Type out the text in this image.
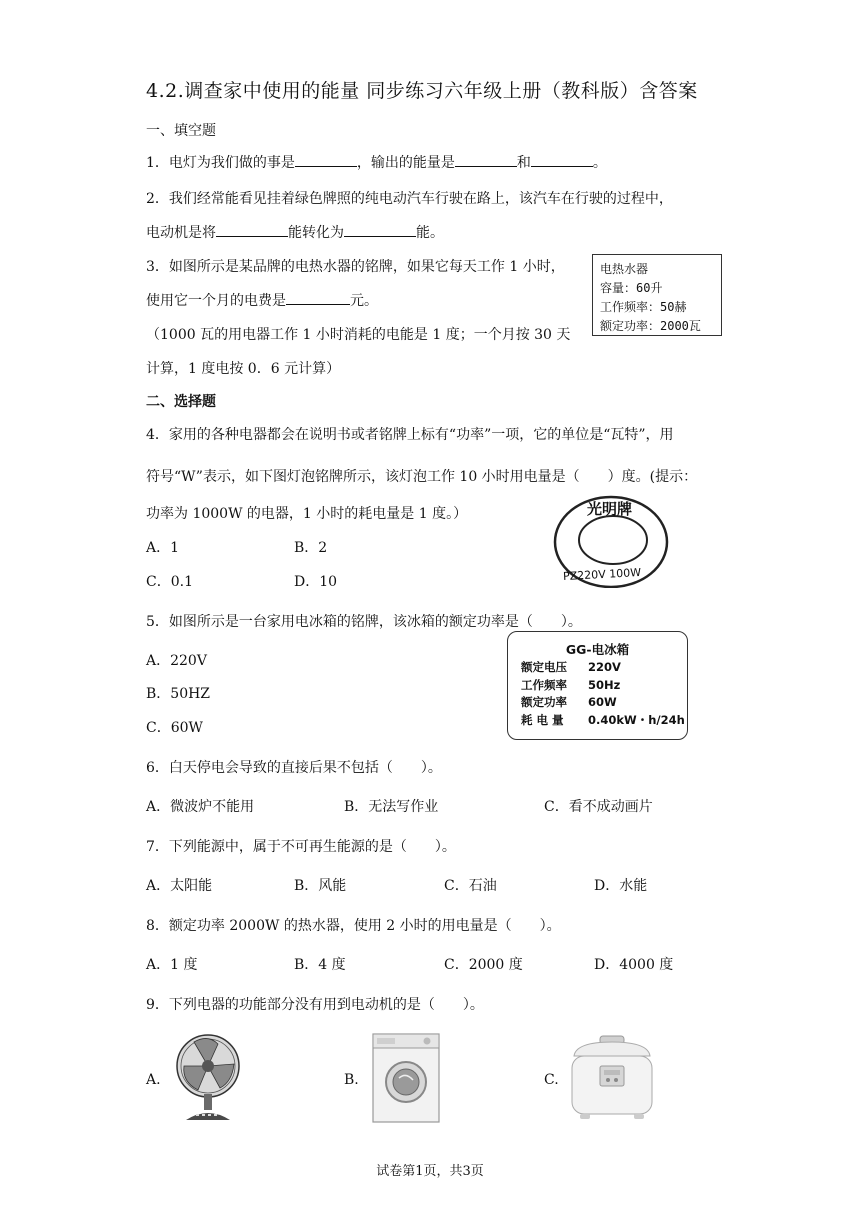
4.2.调查家中使用的能量 同步练习六年级上册（教科版）含答案
一、填空题
1．电灯为我们做的事是	，输出的能量是	和	。
2．我们经常能看见挂着绿色牌照的纯电动汽车行驶在路上，该汽车在行驶的过程中，
电动机是将	能转化为	能。
3．如图所示是某品牌的电热水器的铭牌，如果它每天工作 1 小时，
使用它一个月的电费是	元。
（1000 瓦的用电器工作 1 小时消耗的电能是 1 度；一个月按 30 天
计算，1 度电按 0．6 元计算）
电热水器
容量：60升
工作频率：50赫
额定功率：2000瓦
二、选择题
4．家用的各种电器都会在说明书或者铭牌上标有“功率”一项，它的单位是“瓦特”，用
符号“W”表示，如下图灯泡铭牌所示，该灯泡工作 10 小时用电量是（　　）度。(提示：
功率为 1000W 的电器，1 小时的耗电量是 1 度。）
A．1	B．2
C．0.1	D．10
光明牌
PZ220V 100W
5．如图所示是一台家用电冰箱的铭牌，该冰箱的额定功率是（　　）。
A．220V
B．50HZ
C．60W
GG-电冰箱
额定电压 220V
工作频率 50Hz
额定功率 60W
耗 电 量 0.40kW・h/24h
6．白天停电会导致的直接后果不包括（　　）。
A．微波炉不能用	B．无法写作业	C．看不成动画片
7．下列能源中，属于不可再生能源的是（　　）。
A．太阳能	B．风能	C．石油	D．水能
8．额定功率 2000W 的热水器，使用 2 小时的用电量是（　　）。
A．1 度	B．4 度	C．2000 度	D．4000 度
9．下列电器的功能部分没有用到电动机的是（　　）。
A.	B.	C.
试卷第1页，共3页
